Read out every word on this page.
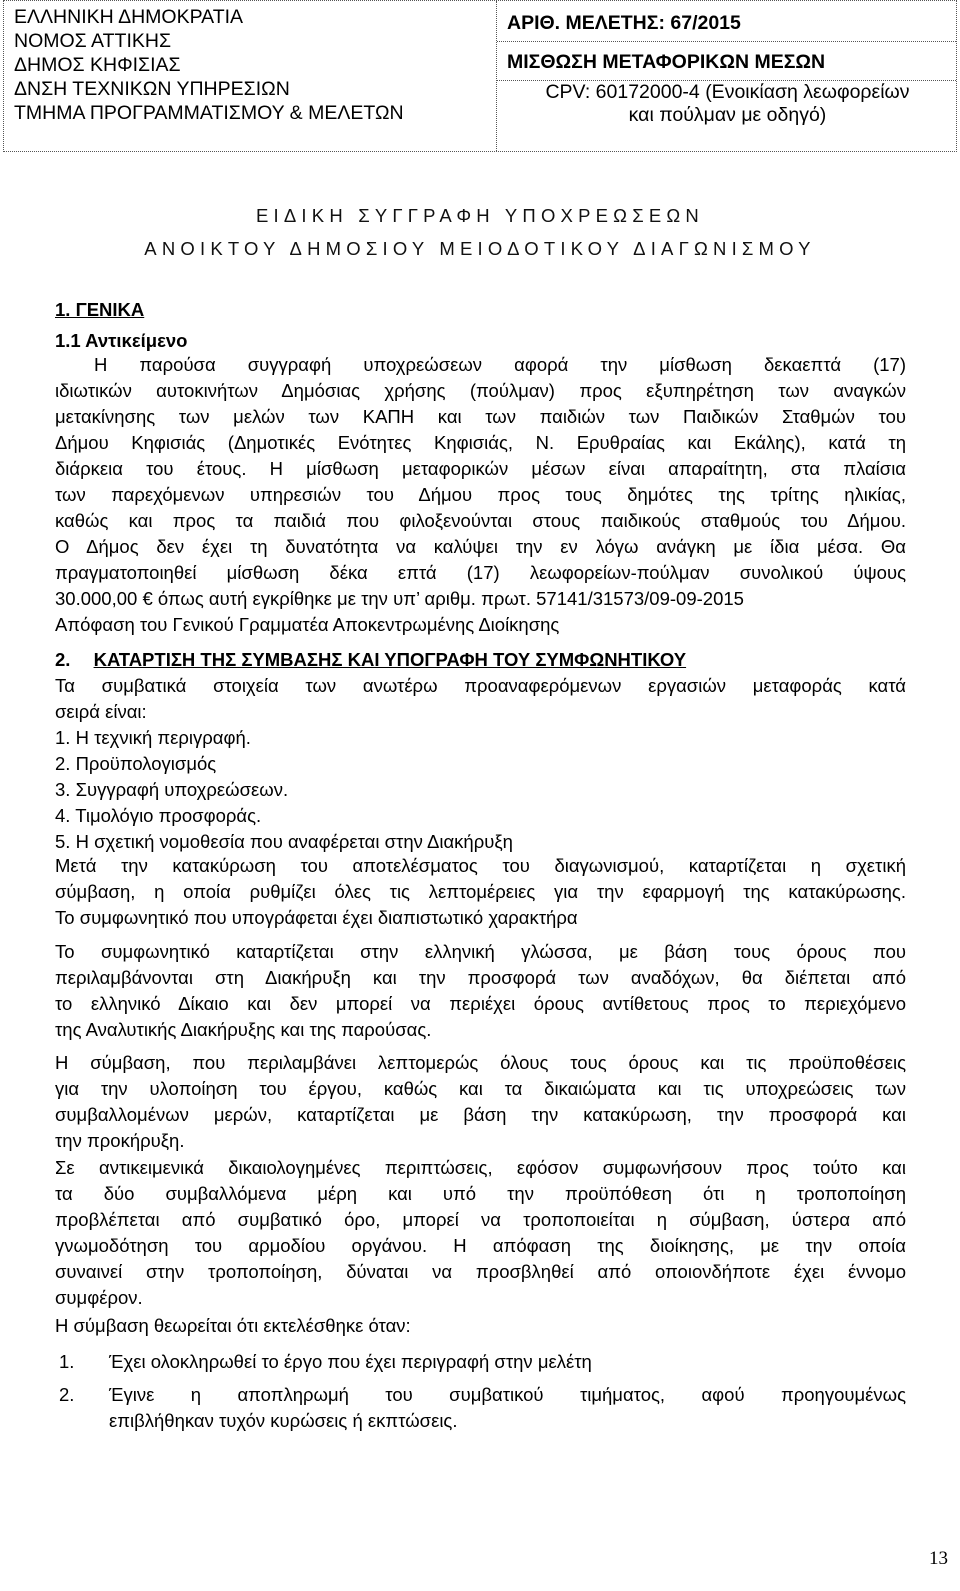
ΕΛΛΗΝΙΚΗ ΔΗΜΟΚΡΑΤΙΑ
ΝΟΜΟΣ ΑΤΤΙΚΗΣ
ΔΗΜΟΣ ΚΗΦΙΣΙΑΣ
ΔΝΣΗ ΤΕΧΝΙΚΩΝ ΥΠΗΡΕΣΙΩΝ
ΤΜΗΜΑ ΠΡΟΓΡΑΜΜΑΤΙΣΜΟΥ & ΜΕΛΕΤΩΝ
ΑΡΙΘ. ΜΕΛΕΤΗΣ: 67/2015
ΜΙΣΘΩΣΗ ΜΕΤΑΦΟΡΙΚΩΝ ΜΕΣΩΝ
CPV: 60172000-4 (Ενοικίαση λεωφορείων
και πούλμαν με οδηγό)
ΕΙΔΙΚΗ ΣΥΓΓΡΑΦΗ ΥΠΟΧΡΕΩΣΕΩΝ
ΑΝΟΙΚΤΟΥ ΔΗΜΟΣΙΟΥ ΜΕΙΟΔΟΤΙΚΟΥ ΔΙΑΓΩΝΙΣΜΟΥ
1. ΓΕΝΙΚΑ
1.1 Αντικείμενο
Η παρούσα συγγραφή υποχρεώσεων αφορά την μίσθωση δεκαεπτά (17)
ιδιωτικών αυτοκινήτων Δημόσιας χρήσης (πούλμαν) προς εξυπηρέτηση των αναγκών
μετακίνησης των μελών των ΚΑΠΗ και των παιδιών των Παιδικών Σταθμών του
Δήμου Κηφισιάς (Δημοτικές Ενότητες Κηφισιάς, Ν. Ερυθραίας και Εκάλης), κατά τη
διάρκεια του έτους. Η μίσθωση μεταφορικών μέσων είναι απαραίτητη, στα πλαίσια
των παρεχόμενων υπηρεσιών του Δήμου προς τους δημότες της τρίτης ηλικίας,
καθώς και προς τα παιδιά που φιλοξενούνται στους παιδικούς σταθμούς του Δήμου.
Ο Δήμος δεν έχει τη δυνατότητα να καλύψει την εν λόγω ανάγκη με ίδια μέσα. Θα
πραγματοποιηθεί μίσθωση δέκα επτά (17) λεωφορείων-πούλμαν συνολικού ύψους
30.000,00 € όπως αυτή εγκρίθηκε με την υπ’ αριθμ. πρωτ. 57141/31573/09-09-2015
Απόφαση του Γενικού Γραμματέα Αποκεντρωμένης Διοίκησης
2. ΚΑΤΑΡΤΙΣΗ ΤΗΣ ΣΥΜΒΑΣΗΣ ΚΑΙ ΥΠΟΓΡΑΦΗ ΤΟΥ ΣΥΜΦΩΝΗΤΙΚΟΥ
Τα συμβατικά στοιχεία των ανωτέρω προαναφερόμενων εργασιών μεταφοράς κατά
σειρά είναι:
1. Η τεχνική περιγραφή.
2. Προϋπολογισμός
3. Συγγραφή υποχρεώσεων.
4. Τιμολόγιο προσφοράς.
5. Η σχετική νομοθεσία που αναφέρεται στην Διακήρυξη
Μετά την κατακύρωση του αποτελέσματος του διαγωνισμού, καταρτίζεται η σχετική
σύμβαση, η οποία ρυθμίζει όλες τις λεπτομέρειες για την εφαρμογή της κατακύρωσης.
Το συμφωνητικό που υπογράφεται έχει διαπιστωτικό χαρακτήρα
Το συμφωνητικό καταρτίζεται στην ελληνική γλώσσα, με βάση τους όρους που
περιλαμβάνονται στη Διακήρυξη και την προσφορά των αναδόχων, θα διέπεται από
το ελληνικό Δίκαιο και δεν μπορεί να περιέχει όρους αντίθετους προς το περιεχόμενο
της Αναλυτικής Διακήρυξης και της παρούσας.
Η σύμβαση, που περιλαμβάνει λεπτομερώς όλους τους όρους και τις προϋποθέσεις
για την υλοποίηση του έργου, καθώς και τα δικαιώματα και τις υποχρεώσεις των
συμβαλλομένων μερών, καταρτίζεται με βάση την κατακύρωση, την προσφορά και
την προκήρυξη.
Σε αντικειμενικά δικαιολογημένες περιπτώσεις, εφόσον συμφωνήσουν προς τούτο και
τα δύο συμβαλλόμενα μέρη και υπό την προϋπόθεση ότι η τροποποίηση
προβλέπεται από συμβατικό όρο, μπορεί να τροποποιείται η σύμβαση, ύστερα από
γνωμοδότηση του αρμοδίου οργάνου. Η απόφαση της διοίκησης, με την οποία
συναινεί στην τροποποίηση, δύναται να προσβληθεί από οποιονδήποτε έχει έννομο
συμφέρον.
Η σύμβαση θεωρείται ότι εκτελέσθηκε όταν:
1. Έχει ολοκληρωθεί το έργο που έχει περιγραφή στην μελέτη
2. Έγινε η αποπληρωμή του συμβατικού τιμήματος, αφού προηγουμένως
επιβλήθηκαν τυχόν κυρώσεις ή εκπτώσεις.
13
